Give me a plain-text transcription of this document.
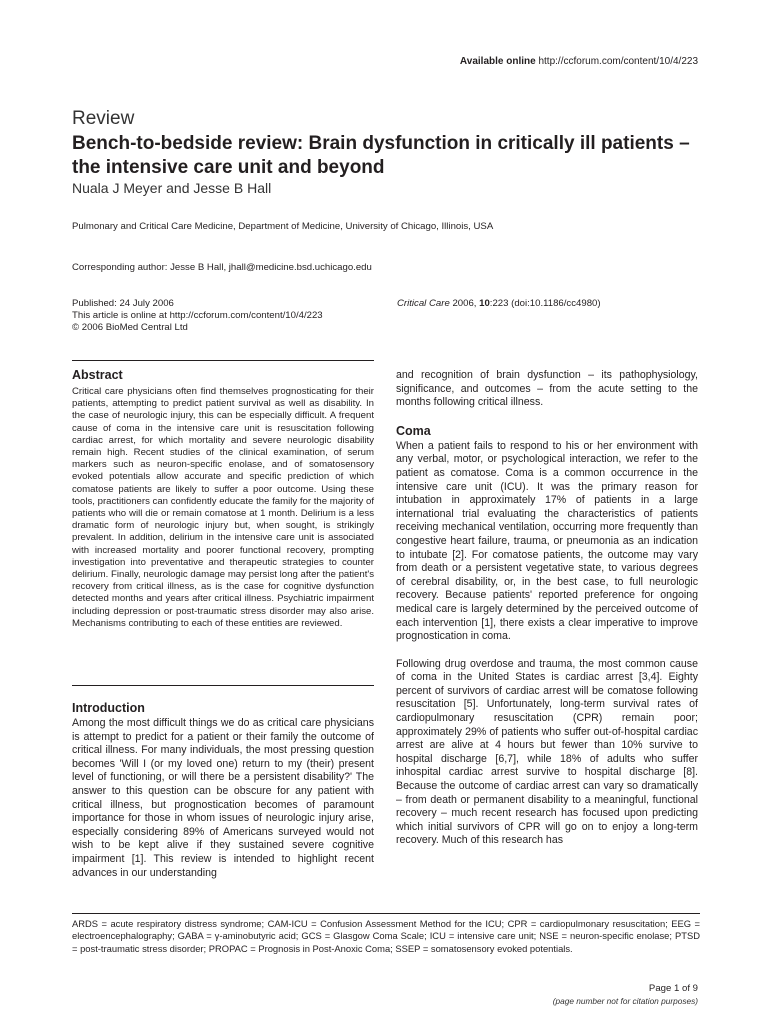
Available online http://ccforum.com/content/10/4/223
Review
Bench-to-bedside review: Brain dysfunction in critically ill patients – the intensive care unit and beyond
Nuala J Meyer and Jesse B Hall
Pulmonary and Critical Care Medicine, Department of Medicine, University of Chicago, Illinois, USA
Corresponding author: Jesse B Hall, jhall@medicine.bsd.uchicago.edu
Published: 24 July 2006
This article is online at http://ccforum.com/content/10/4/223
© 2006 BioMed Central Ltd
Critical Care 2006, 10:223 (doi:10.1186/cc4980)
Abstract

Critical care physicians often find themselves prognosticating for their patients, attempting to predict patient survival as well as disability. In the case of neurologic injury, this can be especially difficult. A frequent cause of coma in the intensive care unit is resuscitation following cardiac arrest, for which mortality and severe neurologic disability remain high. Recent studies of the clinical examination, of serum markers such as neuron-specific enolase, and of somatosensory evoked potentials allow accurate and specific prediction of which comatose patients are likely to suffer a poor outcome. Using these tools, practitioners can confidently educate the family for the majority of patients who will die or remain comatose at 1 month. Delirium is a less dramatic form of neurologic injury but, when sought, is strikingly prevalent. In addition, delirium in the intensive care unit is associated with increased mortality and poorer functional recovery, prompting investigation into preventative and therapeutic strategies to counter delirium. Finally, neurologic damage may persist long after the patient's recovery from critical illness, as is the case for cognitive dysfunction detected months and years after critical illness. Psychiatric impairment including depression or post-traumatic stress disorder may also arise. Mechanisms contributing to each of these entities are reviewed.

Introduction

Among the most difficult things we do as critical care physicians is attempt to predict for a patient or their family the outcome of critical illness. For many individuals, the most pressing question becomes 'Will I (or my loved one) return to my (their) present level of functioning, or will there be a persistent disability?' The answer to this question can be obscure for any patient with critical illness, but prognostication becomes of paramount importance for those in whom issues of neurologic injury arise, especially considering 89% of Americans surveyed would not wish to be kept alive if they sustained severe cognitive impairment [1]. This review is intended to highlight recent advances in our understanding

and recognition of brain dysfunction – its pathophysiology, significance, and outcomes – from the acute setting to the months following critical illness.

Coma

When a patient fails to respond to his or her environment with any verbal, motor, or psychological interaction, we refer to the patient as comatose. Coma is a common occurrence in the intensive care unit (ICU). It was the primary reason for intubation in approximately 17% of patients in a large international trial evaluating the characteristics of patients receiving mechanical ventilation, occurring more frequently than congestive heart failure, trauma, or pneumonia as an indication to intubate [2]. For comatose patients, the outcome may vary from death or a persistent vegetative state, to various degrees of cerebral disability, or, in the best case, to full neurologic recovery. Because patients' reported preference for ongoing medical care is largely determined by the perceived outcome of each intervention [1], there exists a clear imperative to improve prognostication in coma.

Following drug overdose and trauma, the most common cause of coma in the United States is cardiac arrest [3,4]. Eighty percent of survivors of cardiac arrest will be comatose following resuscitation [5]. Unfortunately, long-term survival rates of cardiopulmonary resuscitation (CPR) remain poor; approximately 29% of patients who suffer out-of-hospital cardiac arrest are alive at 4 hours but fewer than 10% survive to hospital discharge [6,7], while 18% of adults who suffer inhospital cardiac arrest survive to hospital discharge [8]. Because the outcome of cardiac arrest can vary so dramatically – from death or permanent disability to a meaningful, functional recovery – much recent research has focused upon predicting which initial survivors of CPR will go on to enjoy a long-term recovery. Much of this research has

ARDS = acute respiratory distress syndrome; CAM-ICU = Confusion Assessment Method for the ICU; CPR = cardiopulmonary resuscitation; EEG = electroencephalography; GABA = γ-aminobutyric acid; GCS = Glasgow Coma Scale; ICU = intensive care unit; NSE = neuron-specific enolase; PTSD = post-traumatic stress disorder; PROPAC = Prognosis in Post-Anoxic Coma; SSEP = somatosensory evoked potentials.
Page 1 of 9
(page number not for citation purposes)
